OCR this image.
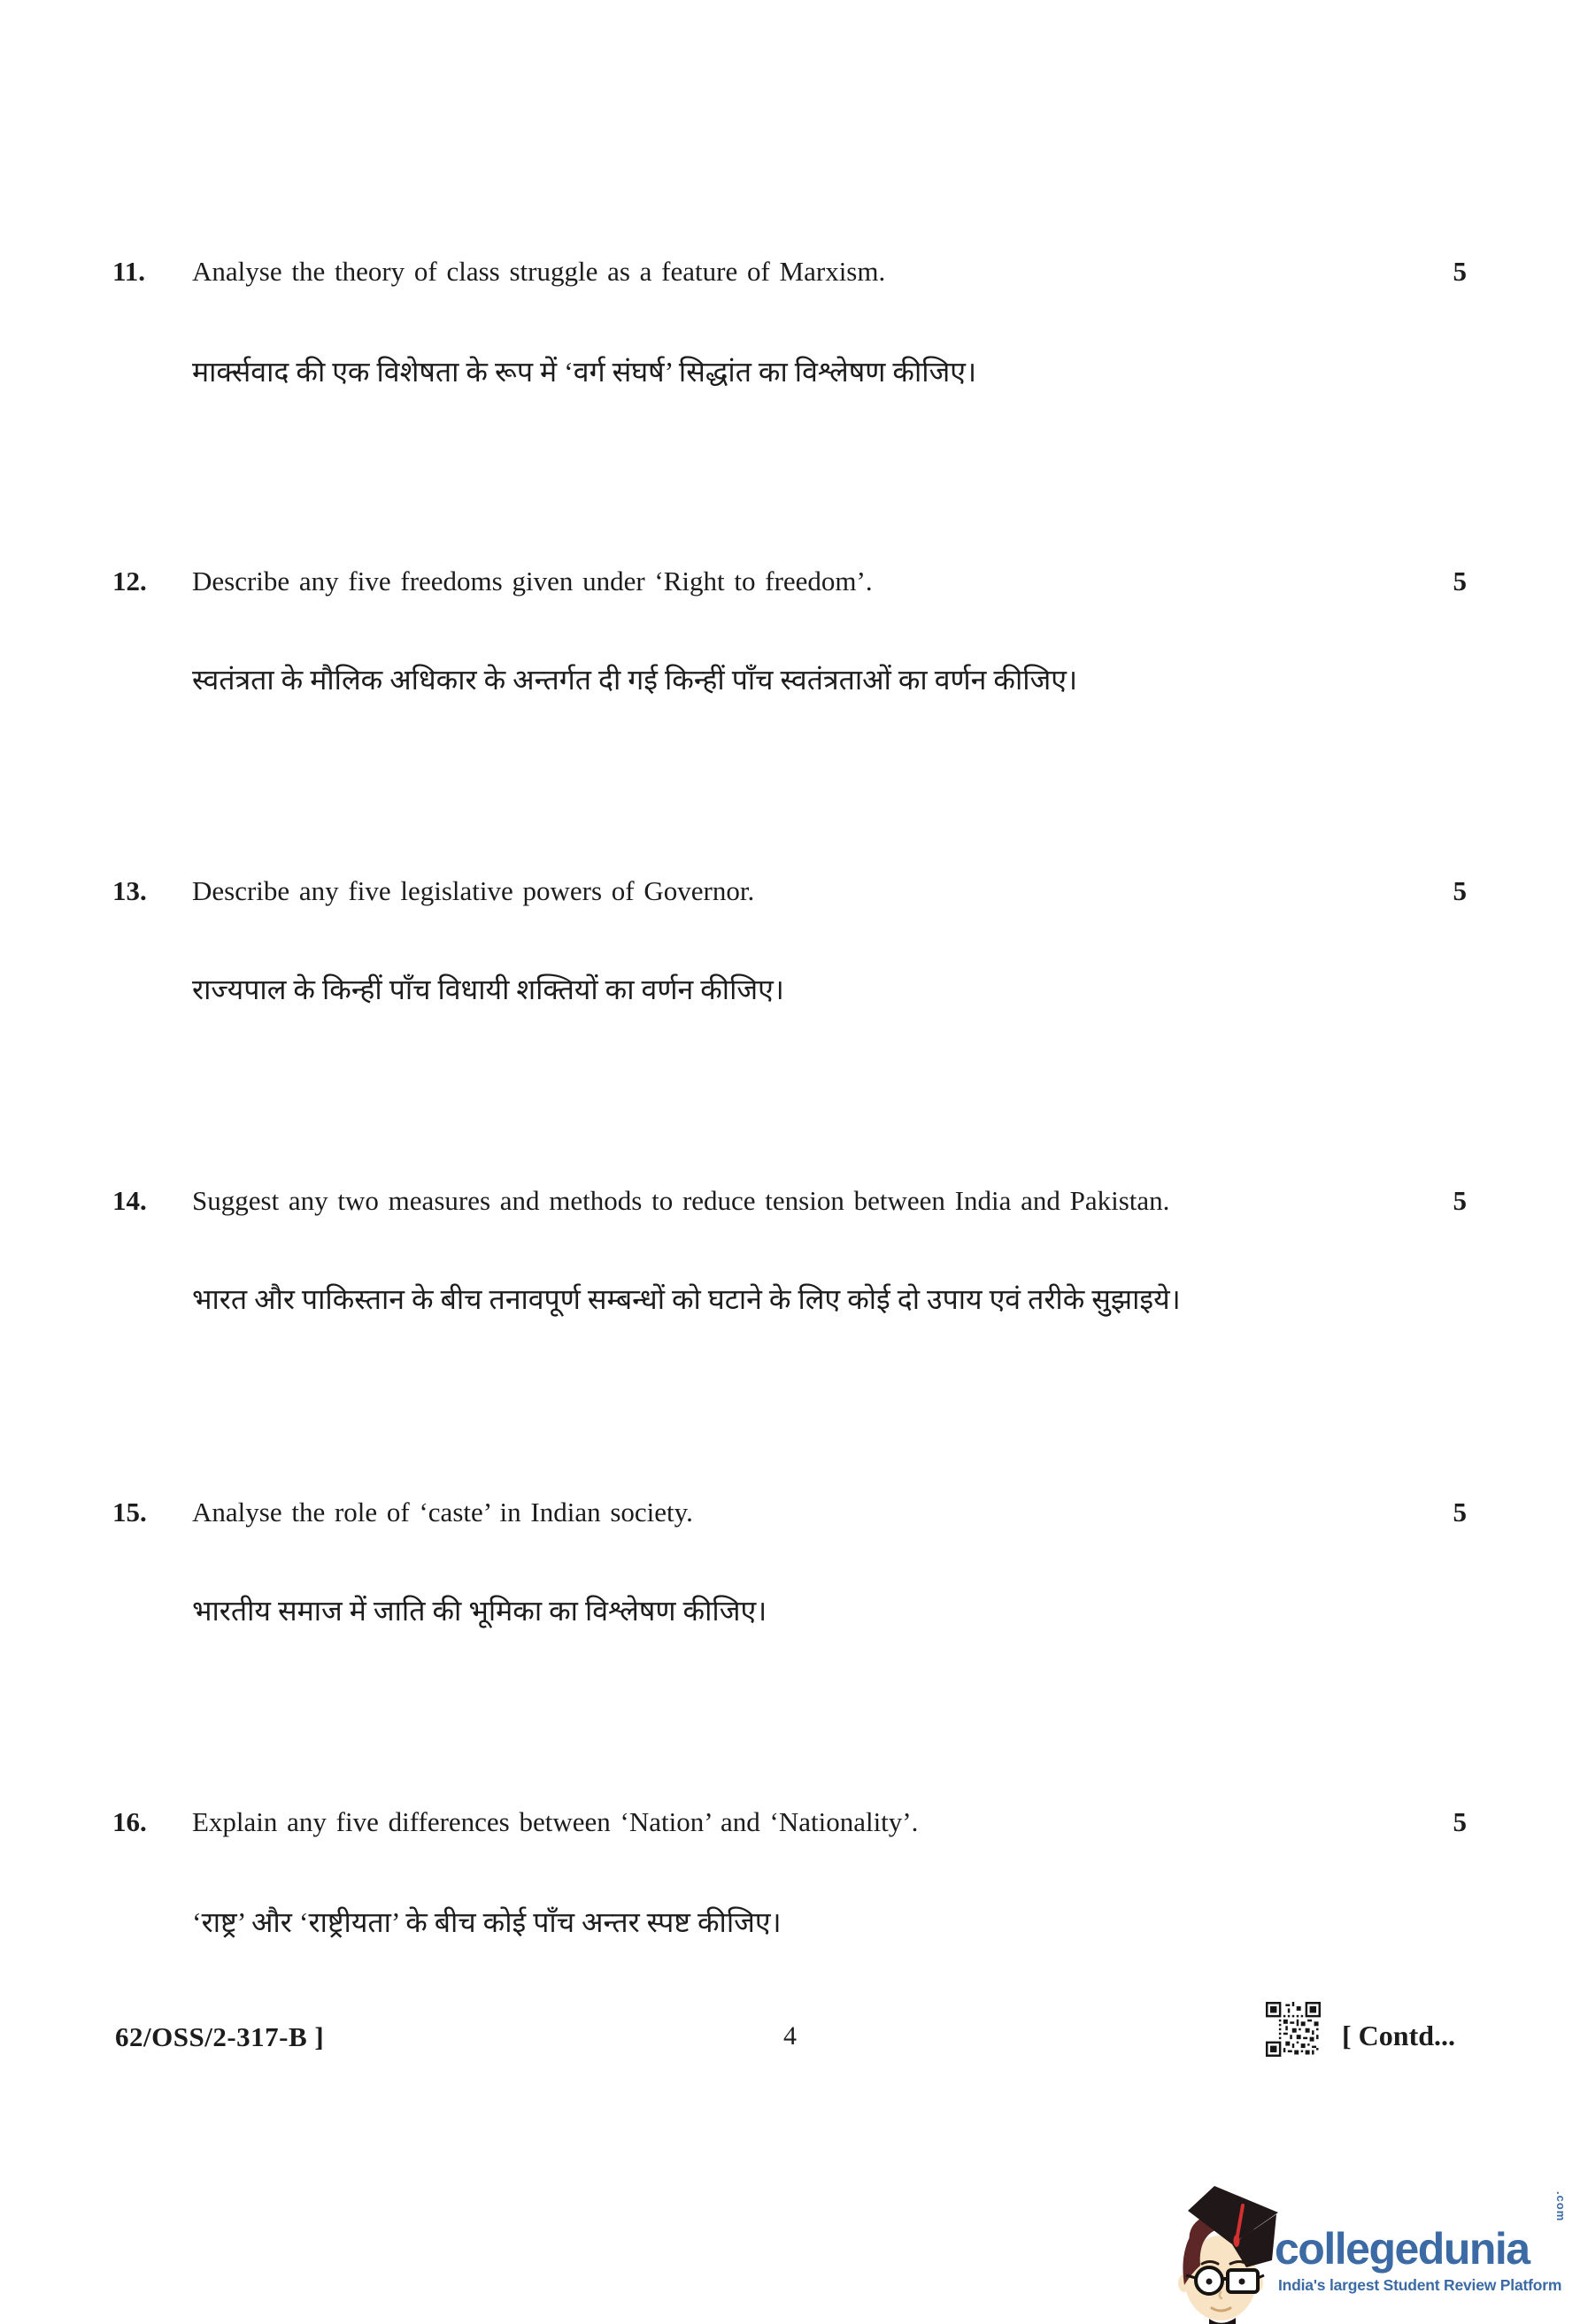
11.	Analyse the theory of class struggle as a feature of Marxism.	5
मार्क्सवाद की एक विशेषता के रूप में ‘वर्ग संघर्ष’ सिद्धांत का विश्लेषण कीजिए।
12.	Describe any five freedoms given under ‘Right to freedom’.	5
स्वतंत्रता के मौलिक अधिकार के अन्तर्गत दी गई किन्हीं पाँच स्वतंत्रताओं का वर्णन कीजिए।
13.	Describe any five legislative powers of Governor.	5
राज्यपाल के किन्हीं पाँच विधायी शक्तियों का वर्णन कीजिए।
14.	Suggest any two measures and methods to reduce tension between India and Pakistan.	5
भारत और पाकिस्तान के बीच तनावपूर्ण सम्बन्धों को घटाने के लिए कोई दो उपाय एवं तरीके सुझाइये।
15.	Analyse the role of ‘caste’ in Indian society.	5
भारतीय समाज में जाति की भूमिका का विश्लेषण कीजिए।
16.	Explain any five differences between ‘Nation’ and ‘Nationality’.	5
‘राष्ट्र’ और ‘राष्ट्रीयता’ के बीच कोई पाँच अन्तर स्पष्ट कीजिए।
62/OSS/2-317-B ]	4	[ Contd...
collegedunia
.com
India's largest Student Review Platform
